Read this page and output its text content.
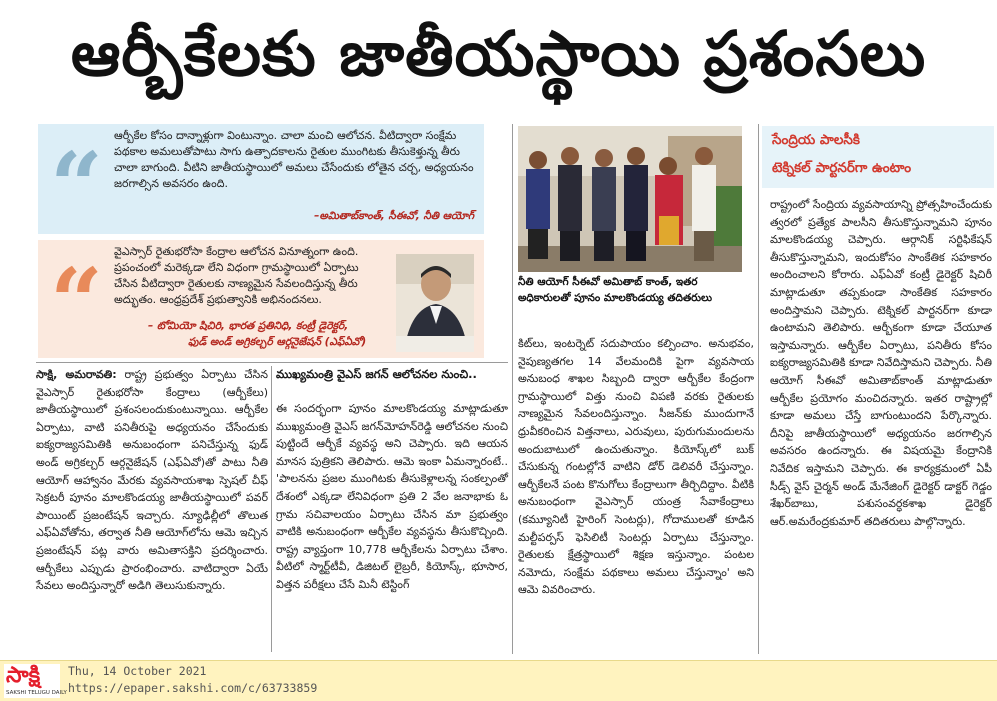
ఆర్బీకేలకు జాతీయస్థాయి ప్రశంసలు
“ ఆర్బీకేల కోసం దాన్నాళ్లుగా వింటున్నాం. చాలా మంచి ఆలోచన. వీటిద్వారా సంక్షేమ పథకాల అమలుతోపాటు సాగు ఉత్పాదకాలను రైతుల ముంగిటకు తీసుకెళ్తున్న తీరు చాలా బాగుంది. వీటిని జాతీయస్థాయిలో అమలు చేసేందుకు లోతైన చర్చ, అధ్యయనం జరగాల్సిన అవసరం ఉంది.
–అమితాబ్‌కాంత్‌, సీఈవో, నీతి ఆయోగ్‌
“ వైఎస్సార్‌ రైతుభరోసా కేంద్రాల ఆలోచన వినూత్నంగా ఉంది. ప్రపంచంలో మరెక్కడా లేని విధంగా గ్రామస్థాయిలో ఏర్పాటు చేసిన వీటిద్వారా రైతులకు నాణ్యమైన సేవలందిస్తున్న తీరు అద్భుతం. ఆంధ్రప్రదేశ్‌ ప్రభుత్వానికి అభినందనలు.
– టోమియో షిచిరి, భారత ప్రతినిధి, కంట్రీ డైరెక్టర్‌,
ఫుడ్‌ అండ్‌ అగ్రికల్చర్‌ ఆర్గనైజేషన్‌ (ఎఫ్‌ఏవో)
సాక్షి, అమరావతి: రాష్ట్ర ప్రభుత్వం ఏర్పాటు చేసిన వైఎస్సార్‌ రైతుభరోసా కేంద్రాలు (ఆర్బీకేలు) జాతీయస్థాయిలో ప్రశంసలందుకుంటున్నాయి. ఆర్బీకేల ఏర్పాటు, వాటి పనితీరుపై అధ్యయనం చేసేందుకు ఐక్యరాజ్యసమితికి అనుబంధంగా పనిచేస్తున్న ఫుడ్‌ అండ్‌ అగ్రికల్చర్‌ ఆర్గనైజేషన్‌ (ఎఫ్‌ఏవో)తో పాటు నీతి ఆయోగ్‌ ఆహ్వానం మేరకు వ్యవసాయశాఖ స్పెషల్‌ చీఫ్‌ సెక్రటరీ పూనం మాలకొండయ్య జాతీయస్థాయిలో పవర్‌ పాయింట్‌ ప్రజంటేషన్‌ ఇచ్చారు. న్యూఢిల్లీలో తొలుత ఎఫ్‌ఏవోతోను, తర్వాత నీతి ఆయోగ్‌లోను ఆమె ఇచ్చిన ప్రజంటేషన్‌ పట్ల వారు అమితాసక్తిని ప్రదర్శించారు. ఆర్బీకేలు ఎప్పుడు ప్రారంభించారు. వాటిద్వారా ఏయే సేవలు అందిస్తున్నారో అడిగి తెలుసుకున్నారు.
ముఖ్యమంత్రి వైఎస్‌ జగన్‌ ఆలోచనల నుంచి..
ఈ సందర్భంగా పూనం మాలకొండయ్య మాట్లాడుతూ ముఖ్యమంత్రి వైఎస్‌ జగన్‌మోహన్‌రెడ్డి ఆలోచనల నుంచి పుట్టిందే ఆర్బీకే వ్యవస్థ అని చెప్పారు. ఇది ఆయన మానస పుత్రికని తెలిపారు. ఆమె ఇంకా ఏమన్నారంటే.. 'పాలనను ప్రజల ముంగిటకు తీసుకెళ్లాలన్న సంకల్పంతో దేశంలో ఎక్కడా లేనివిధంగా ప్రతి 2 వేల జనాభాకు ఓ గ్రామ సచివాలయం ఏర్పాటు చేసిన మా ప్రభుత్వం వాటికి అనుబంధంగా ఆర్బీకేల వ్యవస్థను తీసుకొచ్చింది. రాష్ట్ర వ్యాప్తంగా 10,778 ఆర్బీకేలను ఏర్పాటు చేశాం. వీటిలో స్మార్ట్‌టీవీ, డిజిటల్‌ లైబ్రరీ, కియోస్క్‌, భూసార, విత్తన పరీక్షలు చేసే మినీ టెస్టింగ్‌
నీతి ఆయోగ్‌ సీఈవో అమితాబ్‌ కాంత్‌, ఇతర అధికారులతో పూనం మాలకొండయ్య తదితరులు
కిట్‌లు, ఇంటర్నెట్‌ సదుపాయం కల్పించాం. అనుభవం, నైపుణ్యతగల 14 వేలమందికి పైగా వ్యవసాయ అనుబంధ శాఖల సిబ్బంది ద్వారా ఆర్బీకేల కేంద్రంగా గ్రామస్థాయిలో విత్తు నుంచి విపణి వరకు రైతులకు నాణ్యమైన సేవలందిస్తున్నాం. సీజన్‌కు ముందుగానే ధ్రువీకరించిన విత్తనాలు, ఎరువులు, పురుగుమందులను అందుబాటులో ఉంచుతున్నాం. కియోస్క్‌లో బుక్‌ చేసుకున్న గంటల్లోనే వాటిని డోర్‌ డెలివరీ చేస్తున్నాం. ఆర్బీకేలనే పంట కొనుగోలు కేంద్రాలుగా తీర్చిదిద్దాం. వీటికి అనుబంధంగా వైఎస్సార్‌ యంత్ర సేవాకేంద్రాలు (కమ్యూనిటీ హైరింగ్‌ సెంటర్లు), గోదాములతో కూడిన మల్టీపర్పస్‌ ఫెసిలిటీ సెంటర్లు ఏర్పాటు చేస్తున్నాం. రైతులకు క్షేత్రస్థాయిలో శిక్షణ ఇస్తున్నాం. పంటల నమోదు, సంక్షేమ పథకాలు అమలు చేస్తున్నాం' అని ఆమె వివరించారు.
సేంద్రియ పాలసీకి
టెక్నికల్‌ పార్టనర్‌గా ఉంటాం
రాష్ట్రంలో సేంద్రియ వ్యవసాయాన్ని ప్రోత్సహించేందుకు త్వరలో ప్రత్యేక పాలసీని తీసుకొస్తున్నామని పూనం మాలకొండయ్య చెప్పారు. ఆర్గానిక్‌ సర్టిఫికేషన్‌ తీసుకొస్తున్నామని, ఇందుకోసం సాంకేతిక సహకారం అందించాలని కోరారు. ఎఫ్‌ఏవో కంట్రీ డైరెక్టర్‌ షిచిరీ మాట్లాడుతూ తప్పకుండా సాంకేతిక సహకారం అందిస్తామని చెప్పారు. టెక్నికల్‌ పార్టనర్‌గా కూడా ఉంటామని తెలిపారు. ఆర్బీకంగా కూడా చేయూత ఇస్తామన్నారు. ఆర్బీకేల ఏర్పాటు, పనితీరు కోసం ఐక్యరాజ్యసమితికి కూడా నివేదిస్తామని చెప్పారు. నీతి ఆయోగ్‌ సీఈవో అమితాబ్‌కాంత్‌ మాట్లాడుతూ ఆర్బీకేల ప్రయోగం మంచిదన్నారు. ఇతర రాష్ట్రాల్లో కూడా అమలు చేస్తే బాగుంటుందని పేర్కొన్నారు. దీనిపై జాతీయస్థాయిలో అధ్యయనం జరగాల్సిన అవసరం ఉందన్నారు. ఈ విషయమై కేంద్రానికి నివేదిక ఇస్తామని చెప్పారు. ఈ కార్యక్రమంలో ఏపీ సీడ్స్‌ వైస్‌ చైర్మన్‌ అండ్‌ మేనేజింగ్‌ డైరెక్టర్‌ డాక్టర్‌ గెడ్డం శేఖర్‌బాబు, పశుసంవర్ధకశాఖ డైరెక్టర్‌ ఆర్‌.అమరేంద్రకుమార్‌ తదితరులు పాల్గొన్నారు.
సాక్షి
SAKSHI TELUGU DAILY
Thu, 14 October 2021
https://epaper.sakshi.com/c/63733859
